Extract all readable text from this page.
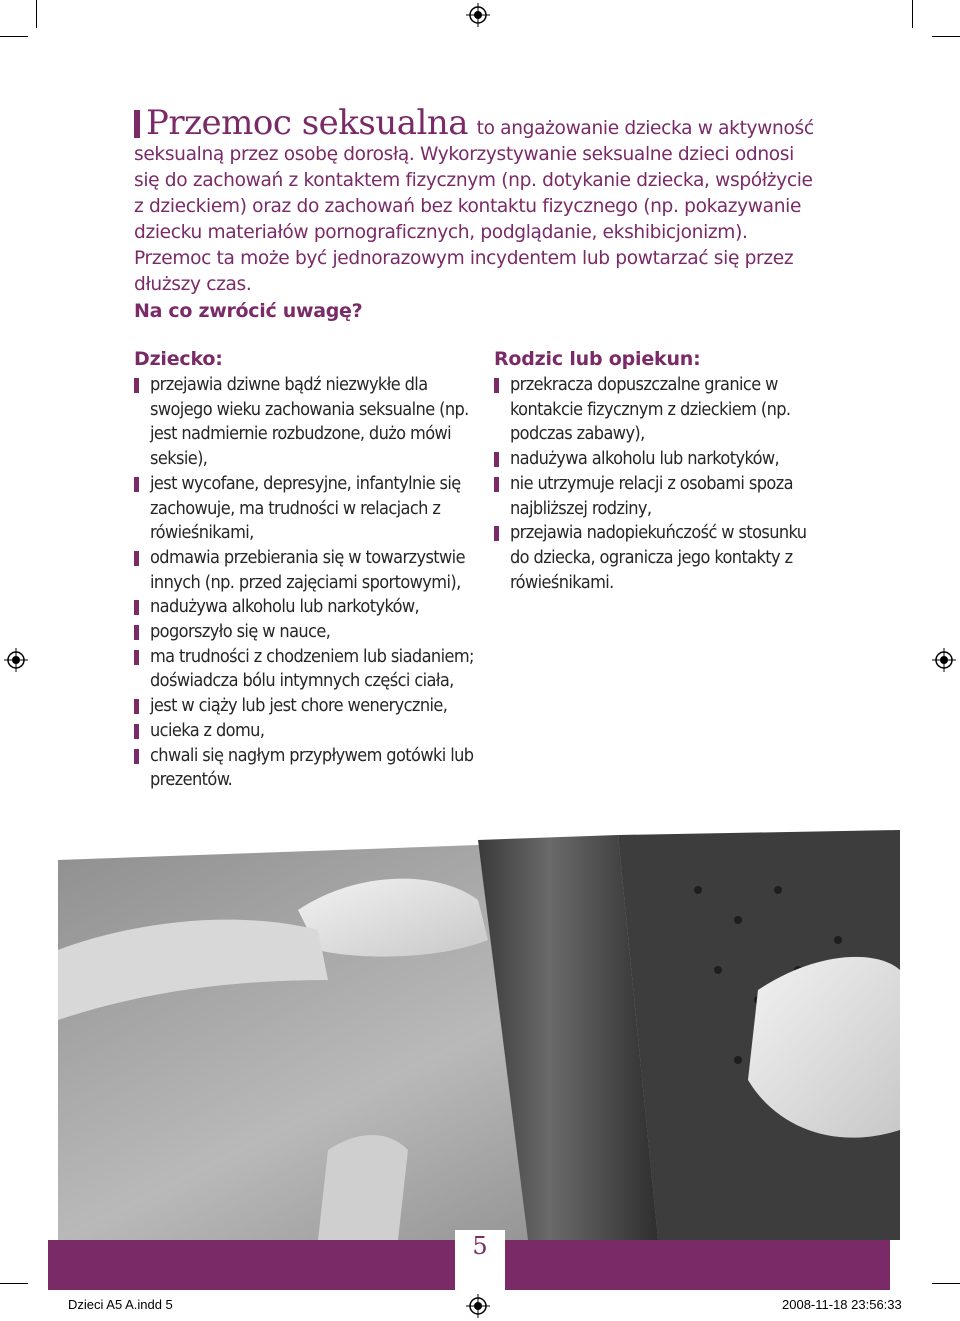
Przemoc seksualna to angażowanie dziecka w aktywność seksualną przez osobę dorosłą. Wykorzystywanie seksualne dzieci odnosi się do zachowań z kontaktem fizycznym (np. dotykanie dziecka, współżycie z dzieckiem) oraz do zachowań bez kontaktu fizycznego (np. pokazywanie dziecku materiałów pornograficznych, podglądanie, ekshibicjonizm). Przemoc ta może być jednorazowym incydentem lub powtarzać się przez dłuższy czas.
Na co zwrócić uwagę?
Dziecko:
przejawia dziwne bądź niezwykłe dla swojego wieku zachowania seksualne (np. jest nadmiernie rozbudzone, dużo mówi seksie),
jest wycofane, depresyjne, infantylnie się zachowuje, ma trudności w relacjach z rówieśnikami,
odmawia przebierania się w towarzystwie innych (np. przed zajęciami sportowymi),
nadużywa alkoholu lub narkotyków,
pogorszyło się w nauce,
ma trudności z chodzeniem lub siadaniem; doświadcza bólu intymnych części ciała,
jest w ciąży lub jest chore wenerycznie,
ucieka z domu,
chwali się nagłym przypływem gotówki lub prezentów.
Rodzic lub opiekun:
przekracza dopuszczalne granice w kontakcie fizycznym z dzieckiem (np. podczas zabawy),
nadużywa alkoholu lub narkotyków,
nie utrzymuje relacji z osobami spoza najbliższej rodziny,
przejawia nadopiekuńczość w stosunku do dziecka, ogranicza jego kontakty z rówieśnikami.
5
Dzieci A5 A.indd 5	2008-11-18 23:56:33
